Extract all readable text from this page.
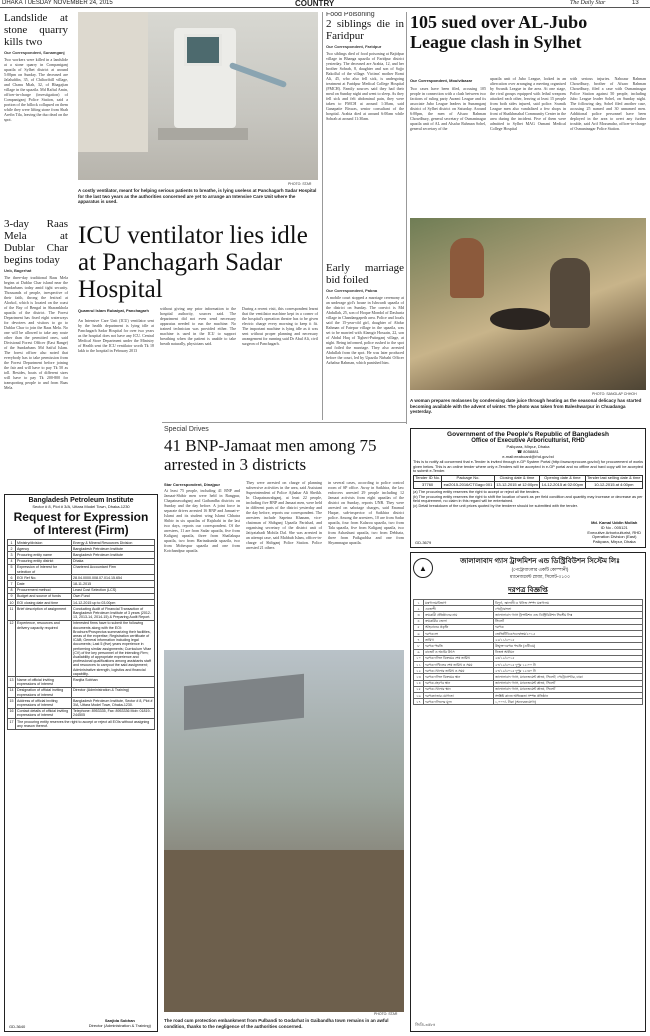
DHAKA TUESDAY NOVEMBER 24, 2015	COUNTRY	The Daily Star	13
Landslide at stone quarry kills two
Our Correspondent, Sunamganj
Two workers were killed in a landslide at a stone quarry in Companiganj upazila of Sylhet district at around 5:00pm on Sunday. The deceased are Jalaluddin, 35, of Chiltoribill village, and Chanu Miah, 32, of Bhagajian village in the upazila. Md Rafiul Amin, officer-in-charge (investigation) of Companiganj Police Station, said a portion of the hillock collapsed on them while they were lifting stone from Shah Arefin Tila, leaving the duo dead on the spot.
3-day Raas Mela at Dublar Char begins today
Unb, Bagerhat
The three-day traditional Raas Mela begins at Dublar Char island near the Sundarbans today amid tight security. Thousands of people, irrespective of their faith, throng the festival at Alorkol, which is located on the coast of the Bay of Bengal in Sharankhola upazila of the district. The Forest Department has fixed eight waterways for devotees and visitors to go to Dublar Char to join the Raas Mela. No one will be allowed to take any route other than the permitted ones, said Divisional Forest Officer (East Range) of the Sundarbans Md Saiful Islam. The forest officer also noted that everybody has to take permission from the Forest Department before joining the fair and will have to pay Tk 50 as toll. Besides, boats of different sizes will have to pay Tk 200-800 for transporting people to and from Raas Mela.
PHOTO: STAR
A costly ventilator, meant for helping serious patients to breathe, is lying useless at Panchagarh Sadar Hospital for the last two years as the authorities concerned are yet to arrange an Intensive Care Unit where the apparatus is used.
ICU ventilator lies idle at Panchagarh Sadar Hospital
Quamrul Islam Rubaiyat, Panchagarh
An Intensive Care Unit (ICU) ventilator sent by the health department is lying idle at Panchagarh Sadar Hospital for over two years as the hospital does not have any ICU. Central Medical Store Department under the Ministry of Health sent the ICU ventilator worth Tk 18 lakh to the hospital in February 2013
without giving any prior information to the hospital authority, sources said. The department did not even send necessary apparatus needed to run the machine. No trained technician was provided either. The machine is used in the ICU to support breathing when the patient is unable to take breath naturally, physicians said.
During a recent visit, this correspondent learnt that the ventilator machine kept in a corner of the hospital's operation theatre has to be given electric charge every morning to keep it fit. The important machine is lying idle as it was sent without proper planning and necessary arrangement for running said Dr Abul Ali, civil surgeon of Panchagarh.
Food Poisoning
2 siblings die in Faridpur
Our Correspondent, Faridpur
Two siblings died of food poisoning at Bajidpur village in Bhanga upazila of Faridpur district yesterday. The deceased are Arabia, 12, and her brother Sohrab, 8, daughter and son of Sajjo Bakollul of the village. Victims' mother Romi Ali, 45, who also fell sick, is undergoing treatment at Faridpur Medical College Hospital (FMCH). Family sources said they had their meal on Sunday night and went to sleep. As they fell sick and felt abdominal pain, they were taken to FMCH at around 1:30am, said Ganapatie Biswas, senior consultant of the hospital. Arabia died at around 6:00am while Sohrab at around 11:30am.
Early marriage bid foiled
Our Correspondent, Pabna
A mobile court stopped a marriage ceremony at an underage girl's house in Ishwardi upazila of the district on Sunday. The convict is Md Abdullah, 25, son of Hoque Mondol of Dashuria village in Chandangapeth area. Police and locals said the 15-year-old girl, daughter of Abdur Rahman of Fatepur village in the upazila, was set to be married with Alamgir Hossain, 22, son of Abdul Haq of Tigheri-Putinganj village, at night. Being informed, police rushed to the spot and foiled the marriage. They also arrested Abdullah from the spot. He was later produced before the court, led by Upazila Nirbahi Officer Azhabur Rahman, which punished him.
105 sued over AL-Jubo League clash in Sylhet
Our Correspondent, Moulvibazar
Two cases have been filed, accusing 105 people in connection with a clash between two factions of ruling party Awami League and its associate Jubo League leaders in Sunamganj district of Sylhet district on Saturday. Around 6:00pm, the men of Afsaro Rahman Chowdhury, general secretary of Osmaninagar upazila unit of AL and Alsafar Rahman Sohel, general secretary of the
upazila unit of Jubo League, locked in an altercation over arranging a meeting organised by Swanik League in the area. At one stage, the rival groups equipped with lethal weapons attacked each other, leaving at least 15 people from both sides injured, said police. Sramik League men also vandalised a few shops in front of Shaikhmahal Community Center in the area during the incident. Five of them were admitted to Sylhet MAG Osmani Medical College Hospital
with serious injuries. Naboaur Rahman Chowdhury, brother of Afsaro Rahman Chowdhury, filed a case with Osmaninagar Police Station against 50 people, including Jubo League leader Sohel, on Sunday night. The following day, Sohel filed another case, accusing 25 named and 30 unnamed men. Additional police personnel have been deployed in the area to avert any further trouble, said Arif Mozumdar, officer-in-charge of Osmaninagar Police Station.
PHOTO: SANGLAP CHHOH
A woman prepares molasses by condensing date juice through heating as the seasonal delicacy has started becoming available with the advent of winter. The photo was taken from Baleshwarpur in Chuadanga yesterday.
Government of the People's Republic of Bangladesh
Office of Executive Arboriculturist, RHD
Paikpara, Mirpur, Dhaka
☎ 8058881
e-mail:eeaboard@rhd.gov.bd
This is to notify all concerned that e-Tender is invited through e-GP System Portal (http://www.eprocure.gov.bd) for procurement of works given below. This is an online tender where only e-Tenders will be accepted in e-GP portal and no offline and hard copy will be accepted to submit e-Tender.
Tender ID No.	Package No.	Closing date & time	Opening date & time	Tender last selling date & time
37760	ea/2015-2016/CTGago 001	13-12-2015 at 12:00pm	14-12-2015 at 02:00pm	10-12-2015 at 4:00pm
(a) The procuring entity reserves the right to accept or reject all the tenders.
(b) The procuring entity reserves the right to shift the location of work as per field condition and quantity may increase or decrease as per field requirement, no claim in this regard will be entertained.
(c) Detail breakdown of the unit prices quoted by the tenderer should be submitted with the tender.
Md. Kamal Uddin Mollah
ID No - 005121
Executive Arboriculturist, RHD
Operation Division (East)
Paikpara, Mirpur, Dhaka
GD-3679
▲
জালালাবাদ গ্যাস ট্রান্সমিশন এন্ড ডিস্ট্রিবিউশন সিস্টেম লিঃ
(পেট্রোবাংলার একটি কোম্পানী)
ম্যানেজমেন্ট প্লাজা, সিলেট-৩১০০
দরপত্র বিজ্ঞপ্তি
১	মন্ত্রণালয়/বিভাগ	বিদ্যুৎ, জ্বালানী ও খনিজ সম্পদ মন্ত্রণালয়
২	এজেন্সী	পেট্রোবাংলা
৩	ক্রয়কারী প্রতিষ্ঠানের নাম	জালালাবাদ গ্যাস ট্রান্সমিশন এন্ড ডিস্ট্রিবিউশন সিস্টেম লিঃ
৪	ক্রয়কারীর জেলা	সিলেট
৫	আহবানের প্রকৃতি	দরপত্র
৬	দরপত্র নং	জেজিটিডিএসএল/ক্রয়/২০১৫
৭	তারিখ	২২/১১/২০১৫
৮	দরপত্র পদ্ধতি	উন্মুক্ত দরপত্র পদ্ধতি (ওটিএম)
৯	বাজেট ও অর্থের উৎস	নিজস্ব অর্থায়ন
১০	দরপত্র দলিল বিক্রয়ের শেষ তারিখ	২৪/১২/২০১৫
১১	দরপত্র দাখিলের শেষ তারিখ ও সময়	২৭/১২/২০১৫ দুপুর ১২:০০ টা
১২	দরপত্র খোলার তারিখ ও সময়	২৭/১২/২০১৫ দুপুর ১২:৩০ টা
১৩	দরপত্র দলিল বিক্রয়ের স্থান	জালালাবাদ গ্যাস, ম্যানেজমেন্ট প্লাজা, সিলেট; পেট্রোসেন্টার, ঢাকা
১৪	দরপত্র গ্রহণের স্থান	জালালাবাদ গ্যাস, ম্যানেজমেন্ট প্লাজা, সিলেট
১৫	দরপত্র খোলার স্থান	জালালাবাদ গ্যাস, ম্যানেজমেন্ট প্লাজা, সিলেট
১৬	দরপত্রদাতার যোগ্যতা	সংশ্লিষ্ট কাজে অভিজ্ঞতা সম্পন্ন প্রতিষ্ঠান
১৭	দরপত্র দলিলের মূল্য	১,০০০/- টাকা (অফেরতযোগ্য)
জিডি-৩৫৮৪
Bangladesh Petroleum Institute
Sector # 8, Plot # 3/A, Uttara Model Town, Dhaka-1230
Request for Expression of Interest (Firm)
1	Ministry/division	Energy & Mineral Resources Division
2	Agency	Bangladesh Petroleum Institute
3	Procuring entity name	Bangladesh Petroleum Institute
4	Procuring entity district	Dhaka
5	Expression of Interest for selection of	Chartered Accountant Firm
6	EOI Ref No.	28.04.0000.008.07.014.15.654
7	Date	18-11-2015
8	Procurement method	Least Cost Selection (LCS)
9	Budget and source of funds	Own Fund
10	EOI closing date and time	14-12-2015 up to 03.00pm
11	Brief description of assignment	Conducting Audit of Financial Transaction of Bangladesh Petroleum Institute of 3 years (2012-13, 2013-14, 2014-15) & Preparing Audit Report.
12	Experience, resources and delivery capacity required	Interested firms have to submit the following documents along with the EOI: Brochure/Prospectus summarizing their facilities, areas of the expertise; Registration certificate of ICAB; General information including legal documents; Last 5 (five) years experience in performing similar assignments; Curriculum Vitae (CV) of the key personnel of the intending Firm; Availability of appropriate experience and professional qualifications among assistants staff and resources to carryout the said assignment; Administrative strength, logistics and financial capability.
13	Name of official inviting expressions of interest	Ranjita Sobhan
14	Designation of official inviting expressions of interest	Director (Administration & Training)
15	Address of official inviting expressions of interest	Bangladesh Petroleum Institute, Sector # 8, Plot # 3/A, Uttara Model Town, Dhaka-1230.
16	Contact details of official inviting expressions of interest	Telephone: 8953335, Fax: 8953336 Mob: 01819-244505
17	The procuring entity reserves the right to accept or reject all EOIs without assigning any reason thereof.	
Sanjida Sobhan
Director (Administration & Training)
GD-3640
Special Drives
41 BNP-Jamaat men among 75 arrested in 3 districts
Star Correspondent, Dinajpur
At least 75 people, including 41 BNP and Jamaat-Shibir men were held in Rangpur, Chapainawabganj and Gaibandha districts on Sunday and the day before. A joint force in separate drives arrested 16 BNP and Jamaat-e-Islami and its student wing Islami Chhatra Shibir in six upazilas of Rajshahi in the last two days, reports our correspondent. Of the arrestees, 11 are from Sadar upazila, five from Kaliganj upazila, three from Shailakupa upazila, two from Harinakunda upazila, two from Mohespur upazila and one from Kotchandpur upazila.
They were arrested on charge of planning subversive activities in the area, said Assistant Superintendent of Police Ajhahar Ali Sheikh. In Chapainawabganj, at least 22 people, including five BNP and Jamaat men, were held in different parts of the district yesterday and the day before, reports our correspondent. The arrestees include Sapetna Khanam, vice-chairman of Shibganj Upazila Parishad, and organising secretary of the district unit of Jatiyatabadi Mohila Dal. She was arrested in an attempt case, said Mahbub Islam, officer-in-charge of Shibganj Police Station. Police arrested 21 others
in several cases, according to police control room of SP office. Away in Satkhira, the law enforcers arrested 29 people including 12 Jamaat activists from eight upazilas of the district on Sunday, reports UNB. They were arrested on sabotage charges, said Enamul Haque, sub-inspector of Satkhira district police. Among the arrestees, 10 are from Sadar upazila, four from Kalaroa upazila, two from Tala upazila, five from Kaliganj upazila, two from Ashashuni upazila, two from Debhata, three from Paikgachha and one from Shyamnagar upazila.
PHOTO: STAR
The road cum protection embankment from Pulbandi to Godarhat in Gaibandha town remains in an awful condition, thanks to the negligence of the authorities concerned.
